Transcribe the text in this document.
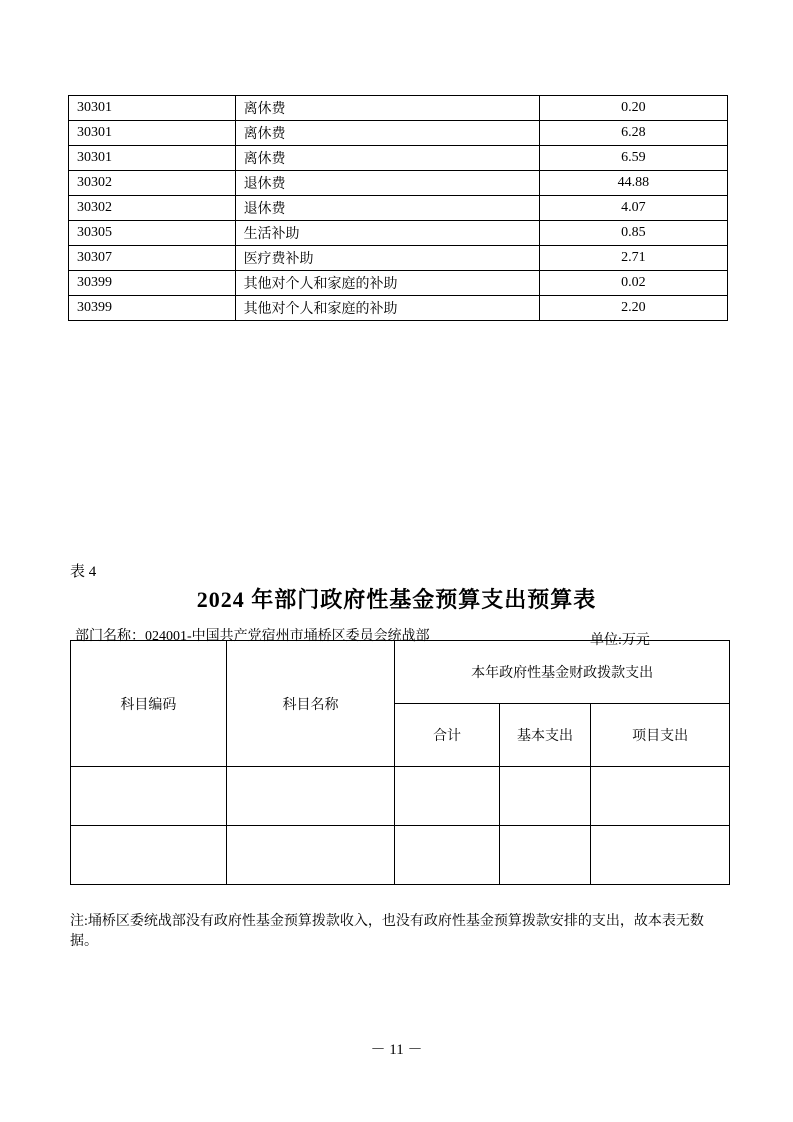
30301	离休费	0.20
30301	离休费	6.28
30301	离休费	6.59
30302	退休费	44.88
30302	退休费	4.07
30305	生活补助	0.85
30307	医疗费补助	2.71
30399	其他对个人和家庭的补助	0.02
30399	其他对个人和家庭的补助	2.20
表 4
2024 年部门政府性基金预算支出预算表
部门名称：024001-中国共产党宿州市埇桥区委员会统战部	单位:万元
科目编码	科目名称	本年政府性基金财政拨款支出		
		合计	基本支出	项目支出

注:埇桥区委统战部没有政府性基金预算拨款收入，也没有政府性基金预算拨款安排的支出，故本表无数据。
－ 11 －
